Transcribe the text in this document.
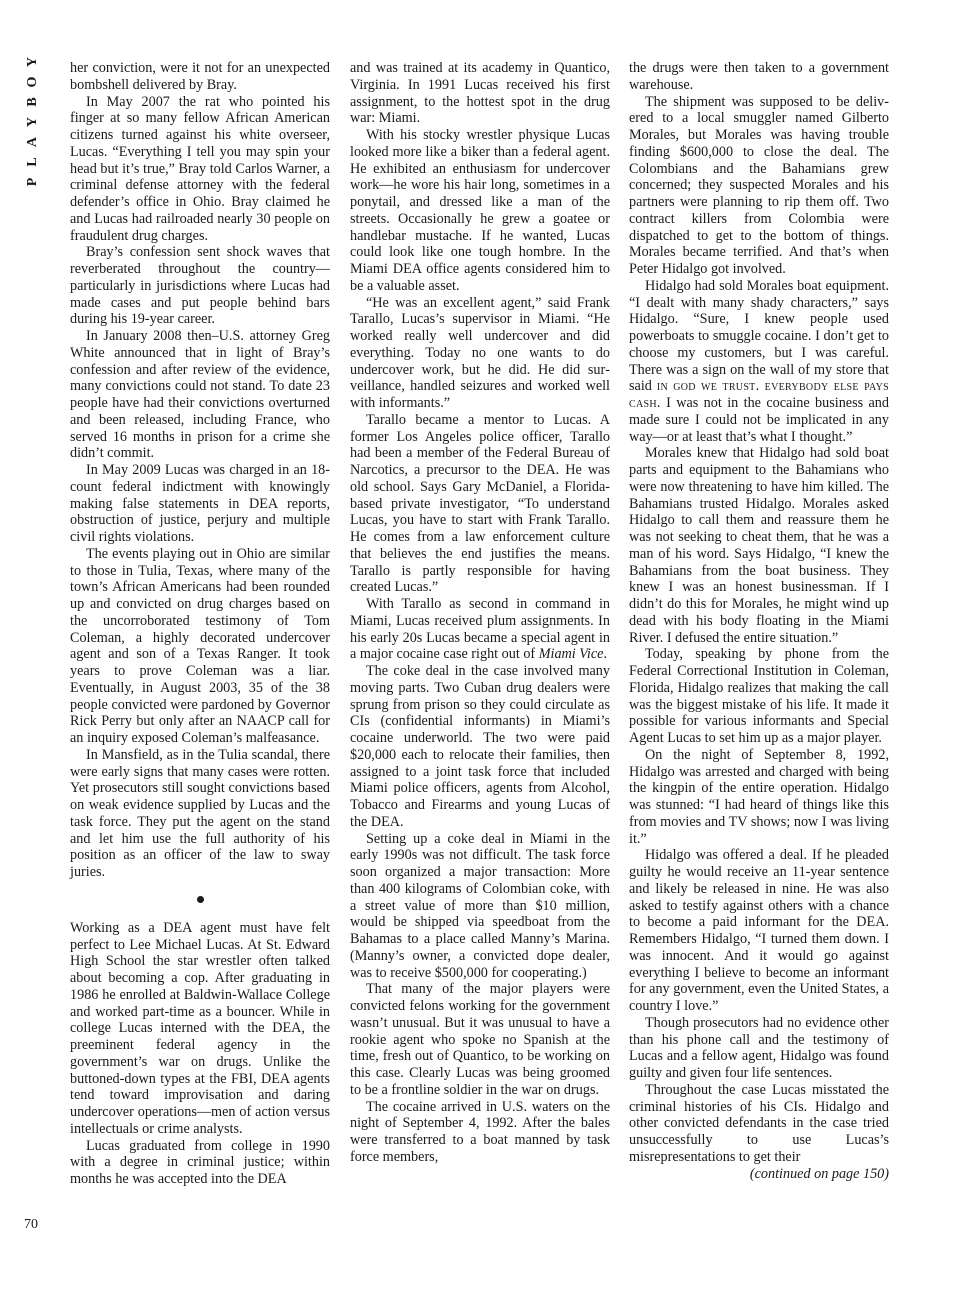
Y
O
B
Y
A
L
P

her conviction, were it not for an unexpected bombshell delivered by Bray.

In May 2007 the rat who pointed his finger at so many fellow African American citizens turned against his white overseer, Lucas. “Everything I tell you may spin your head but it’s true,” Bray told Carlos Warner, a criminal defense attorney with the federal defender’s office in Ohio. Bray claimed he and Lucas had railroaded nearly 30 people on fraudulent drug charges.

Bray’s confession sent shock waves that reverberated throughout the country—particularly in jurisdictions where Lucas had made cases and put people behind bars during his 19-year career.

In January 2008 then–U.S. attorney Greg White announced that in light of Bray’s confession and after review of the evidence, many convictions could not stand. To date 23 people have had their convictions overturned and been released, including France, who served 16 months in prison for a crime she didn’t commit.

In May 2009 Lucas was charged in an 18-count federal indictment with knowingly making false statements in DEA reports, obstruction of justice, perjury and multiple civil rights violations.

The events playing out in Ohio are similar to those in Tulia, Texas, where many of the town’s African Americans had been rounded up and convicted on drug charges based on the uncorroborated testimony of Tom Coleman, a highly decorated undercover agent and son of a Texas Ranger. It took years to prove Coleman was a liar. Eventually, in August 2003, 35 of the 38 people convicted were pardoned by Governor Rick Perry but only after an NAACP call for an inquiry exposed Coleman’s malfeasance.

In Mansfield, as in the Tulia scandal, there were early signs that many cases were rotten. Yet prosecutors still sought convictions based on weak evidence supplied by Lucas and the task force. They put the agent on the stand and let him use the full authority of his position as an officer of the law to sway juries.

Working as a DEA agent must have felt perfect to Lee Michael Lucas. At St. Edward High School the star wrestler often talked about becoming a cop. After graduating in 1986 he enrolled at Baldwin-Wallace College and worked part-time as a bouncer. While in college Lucas interned with the DEA, the preeminent federal agency in the government’s war on drugs. Unlike the buttoned-down types at the FBI, DEA agents tend toward improvisation and daring undercover operations—men of action versus intellectuals or crime analysts.

Lucas graduated from college in 1990 with a degree in criminal justice; within months he was accepted into the DEA

and was trained at its academy in Quantico, Virginia. In 1991 Lucas received his first assignment, to the hottest spot in the drug war: Miami.

With his stocky wrestler physique Lucas looked more like a biker than a federal agent. He exhibited an enthusiasm for undercover work—he wore his hair long, sometimes in a ponytail, and dressed like a man of the streets. Occasionally he grew a goatee or handlebar mustache. If he wanted, Lucas could look like one tough hombre. In the Miami DEA office agents considered him to be a valuable asset.

“He was an excellent agent,” said Frank Tarallo, Lucas’s supervisor in Miami. “He worked really well undercover and did everything. Today no one wants to do undercover work, but he did. He did surveillance, handled seizures and worked well with informants.”

Tarallo became a mentor to Lucas. A former Los Angeles police officer, Tarallo had been a member of the Federal Bureau of Narcotics, a precursor to the DEA. He was old school. Says Gary McDaniel, a Florida-based private investigator, “To understand Lucas, you have to start with Frank Tarallo. He comes from a law enforcement culture that believes the end justifies the means. Tarallo is partly responsible for having created Lucas.”

With Tarallo as second in command in Miami, Lucas received plum assignments. In his early 20s Lucas became a special agent in a major cocaine case right out of Miami Vice.

The coke deal in the case involved many moving parts. Two Cuban drug dealers were sprung from prison so they could circulate as CIs (confidential informants) in Miami’s cocaine underworld. The two were paid $20,000 each to relocate their families, then assigned to a joint task force that included Miami police officers, agents from Alcohol, Tobacco and Firearms and young Lucas of the DEA.

Setting up a coke deal in Miami in the early 1990s was not difficult. The task force soon organized a major transaction: More than 400 kilograms of Colombian coke, with a street value of more than $10 million, would be shipped via speedboat from the Bahamas to a place called Manny’s Marina. (Manny’s owner, a convicted dope dealer, was to receive $500,000 for cooperating.)

That many of the major players were convicted felons working for the government wasn’t unusual. But it was unusual to have a rookie agent who spoke no Spanish at the time, fresh out of Quantico, to be working on this case. Clearly Lucas was being groomed to be a frontline soldier in the war on drugs.

The cocaine arrived in U.S. waters on the night of September 4, 1992. After the bales were transferred to a boat manned by task force members,

the drugs were then taken to a government warehouse.

The shipment was supposed to be delivered to a local smuggler named Gilberto Morales, but Morales was having trouble finding $600,000 to close the deal. The Colombians and the Bahamians grew concerned; they suspected Morales and his partners were planning to rip them off. Two contract killers from Colombia were dispatched to get to the bottom of things. Morales became terrified. And that’s when Peter Hidalgo got involved.

Hidalgo had sold Morales boat equipment. “I dealt with many shady characters,” says Hidalgo. “Sure, I knew people used powerboats to smuggle cocaine. I don’t get to choose my customers, but I was careful. There was a sign on the wall of my store that said in god we trust. everybody else pays cash. I was not in the cocaine business and made sure I could not be implicated in any way—or at least that’s what I thought.”

Morales knew that Hidalgo had sold boat parts and equipment to the Bahamians who were now threatening to have him killed. The Bahamians trusted Hidalgo. Morales asked Hidalgo to call them and reassure them he was not seeking to cheat them, that he was a man of his word. Says Hidalgo, “I knew the Bahamians from the boat business. They knew I was an honest businessman. If I didn’t do this for Morales, he might wind up dead with his body floating in the Miami River. I defused the entire situation.”

Today, speaking by phone from the Federal Correctional Institution in Coleman, Florida, Hidalgo realizes that making the call was the biggest mistake of his life. It made it possible for various informants and Special Agent Lucas to set him up as a major player.

On the night of September 8, 1992, Hidalgo was arrested and charged with being the kingpin of the entire operation. Hidalgo was stunned: “I had heard of things like this from movies and TV shows; now I was living it.”

Hidalgo was offered a deal. If he pleaded guilty he would receive an 11-year sentence and likely be released in nine. He was also asked to testify against others with a chance to become a paid informant for the DEA. Remembers Hidalgo, “I turned them down. I was innocent. And it would go against everything I believe to become an informant for any government, even the United States, a country I love.”

Though prosecutors had no evidence other than his phone call and the testimony of Lucas and a fellow agent, Hidalgo was found guilty and given four life sentences.

Throughout the case Lucas misstated the criminal histories of his CIs. Hidalgo and other convicted defendants in the case tried unsuccessfully to use Lucas’s misrepresentations to get their

(continued on page 150)

70
